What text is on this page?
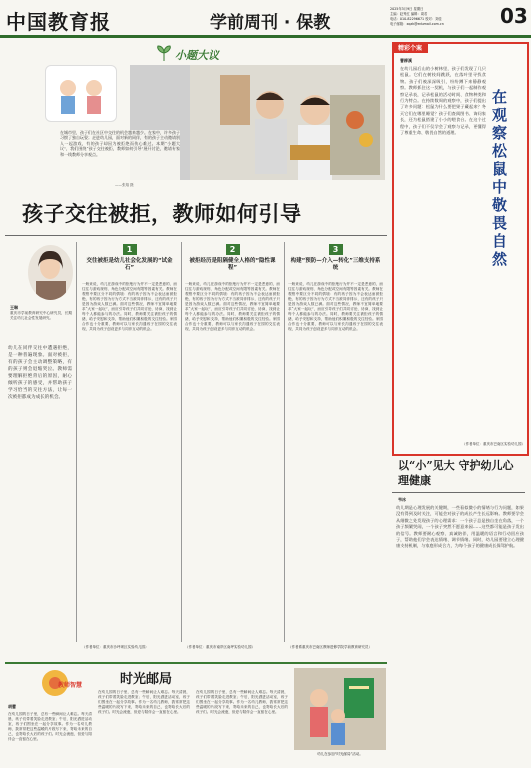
中国教育报	学前周刊 · 保教
2025年3月9日 星期日
主编：赵秀红 编辑：周若
电话：010-82296671 校对：刘佳
电子邮箱：xqzk@edumail.com.cn	03
小题大议
在城市里，孩子们在社区中交往的机会越来越少。在家中，许多孩子习惯了独自玩耍；走进幼儿园，面对新的同伴，有的孩子主动邀请别人一起游戏，有的孩子却因为被拒绝而伤心难过。本期“小题大议”，我们围绕“孩子交往被拒，教师如何引导”展开讨论，邀请专家和一线教师分享观点。
——张翔 摄
孩子交往被拒，教师如何引导
王琳
重庆市学前教育研究中心研究员，长期关注幼儿社会性发展研究。
1
交往被拒是幼儿社会化发展的“试金石”
2
被拒经历是阻隔健全人格的“隐性课程”
3
构建“预防—介入—转化”三维支持系统
幼儿在同伴交往中遭遇拒绝，是一种普遍现象。面对被拒，有的孩子会主动调整策略，有的孩子则会退缩哭泣。教师需要理解拒绝背后的原因，耐心倾听孩子的感受，并帮助孩子学习恰当的交往方法，让每一次被拒都成为成长的机会。
一般来说，幼儿在游戏中的拒绝行为并不一定是恶意的，而往往与游戏规则、角色分配或空间有限等因素有关。教师在观察中要区分不同的情境：有的孩子因为不会表达而被拒绝，有的孩子因为行为方式不当被同伴排斥，还有的孩子只是因为游戏人数已满。面对这些情况，教师不宜简单地要求“大家一起玩”，而应引导孩子们共同讨论、协商，找到让每个人都能参与的办法。同时，教师要关注被拒孩子的情绪，给予安慰和支持，帮助他们积累积极的交往经验。家园合作也十分重要，教师可以与家长沟通孩子在园的交往表现，共同为孩子创设更多与同伴互动的机会。
一般来说，幼儿在游戏中的拒绝行为并不一定是恶意的，而往往与游戏规则、角色分配或空间有限等因素有关。教师在观察中要区分不同的情境：有的孩子因为不会表达而被拒绝，有的孩子因为行为方式不当被同伴排斥，还有的孩子只是因为游戏人数已满。面对这些情况，教师不宜简单地要求“大家一起玩”，而应引导孩子们共同讨论、协商，找到让每个人都能参与的办法。同时，教师要关注被拒孩子的情绪，给予安慰和支持，帮助他们积累积极的交往经验。家园合作也十分重要，教师可以与家长沟通孩子在园的交往表现，共同为孩子创设更多与同伴互动的机会。
一般来说，幼儿在游戏中的拒绝行为并不一定是恶意的，而往往与游戏规则、角色分配或空间有限等因素有关。教师在观察中要区分不同的情境：有的孩子因为不会表达而被拒绝，有的孩子因为行为方式不当被同伴排斥，还有的孩子只是因为游戏人数已满。面对这些情况，教师不宜简单地要求“大家一起玩”，而应引导孩子们共同讨论、协商，找到让每个人都能参与的办法。同时，教师要关注被拒孩子的情绪，给予安慰和支持，帮助他们积累积极的交往经验。家园合作也十分重要，教师可以与家长沟通孩子在园的交往表现，共同为孩子创设更多与同伴互动的机会。
（作者单位：重庆市沙坪坝区实验幼儿园）	（作者单位：重庆市南岸区南坪实验幼儿园）	（作者系重庆市巴南区教师进修学院学前教育研究员）
精彩个案
曹柳溪
在幼儿园后山的小树林里，孩子们发现了几只松鼠。它们在树枝间跳跃，在落叶里寻找食物。孩子们被深深吸引，纷纷蹲下来静静观察。教师抓住这一契机，与孩子们一起制作观察记录表，记录松鼠的活动时间、食物种类和行为特点。在持续数周的观察中，孩子们提出了许多问题：松鼠为什么要把果子藏起来？冬天它们在哪里睡觉？孩子们查阅图书、询问家长，还为松鼠搭建了小小的喂食台。在这个过程中，孩子们不仅学会了观察与记录，更懂得了尊重生命、敬畏自然的道理。
在观察松鼠中敬畏自然
（作者单位：重庆市巴南区实验幼儿园）
以“小”见大 守护幼儿心理健康
韦冰
幼儿期是心理发展的关键期，一些看似微小的情绪与行为问题，如果没有得到及时关注，可能会对孩子的成长产生长远影响。教师要学会从细微之处发现孩子的心理需求：一个孩子总是独自坐在角落，一个孩子频繁哭闹，一个孩子突然不愿意来园……这些都可能是孩子发出的信号。教师要耐心观察、真诚陪伴，用温暖的语言和行动回应孩子，帮助他们学会表达情绪、调节情绪。同时，幼儿园要建立心理健康支持机制，与家庭形成合力，为每个孩子的健康成长保驾护航。
时光邮局
教师智慧
胡蕾
在幼儿园的日子里，总有一些瞬间让人难忘。每天清晨，孩子们带着笑脸走进教室；午后，阳光洒进活动室，孩子们围坐在一起分享故事。作为一名幼儿教师，我常常把这些温暖的片段写下来，寄给未来的自己，也寄给长大后的孩子们。时光会流逝，但爱与陪伴会一直留在心里。
在幼儿园的日子里，总有一些瞬间让人难忘。每天清晨，孩子们带着笑脸走进教室；午后，阳光洒进活动室，孩子们围坐在一起分享故事。作为一名幼儿教师，我常常把这些温暖的片段写下来，寄给未来的自己，也寄给长大后的孩子们。时光会流逝，但爱与陪伴会一直留在心里。
在幼儿园的日子里，总有一些瞬间让人难忘。每天清晨，孩子们带着笑脸走进教室；午后，阳光洒进活动室，孩子们围坐在一起分享故事。作为一名幼儿教师，我常常把这些温暖的片段写下来，寄给未来的自己，也寄给长大后的孩子们。时光会流逝，但爱与陪伴会一直留在心里。
幼儿在参加“时光邮局”活动。
